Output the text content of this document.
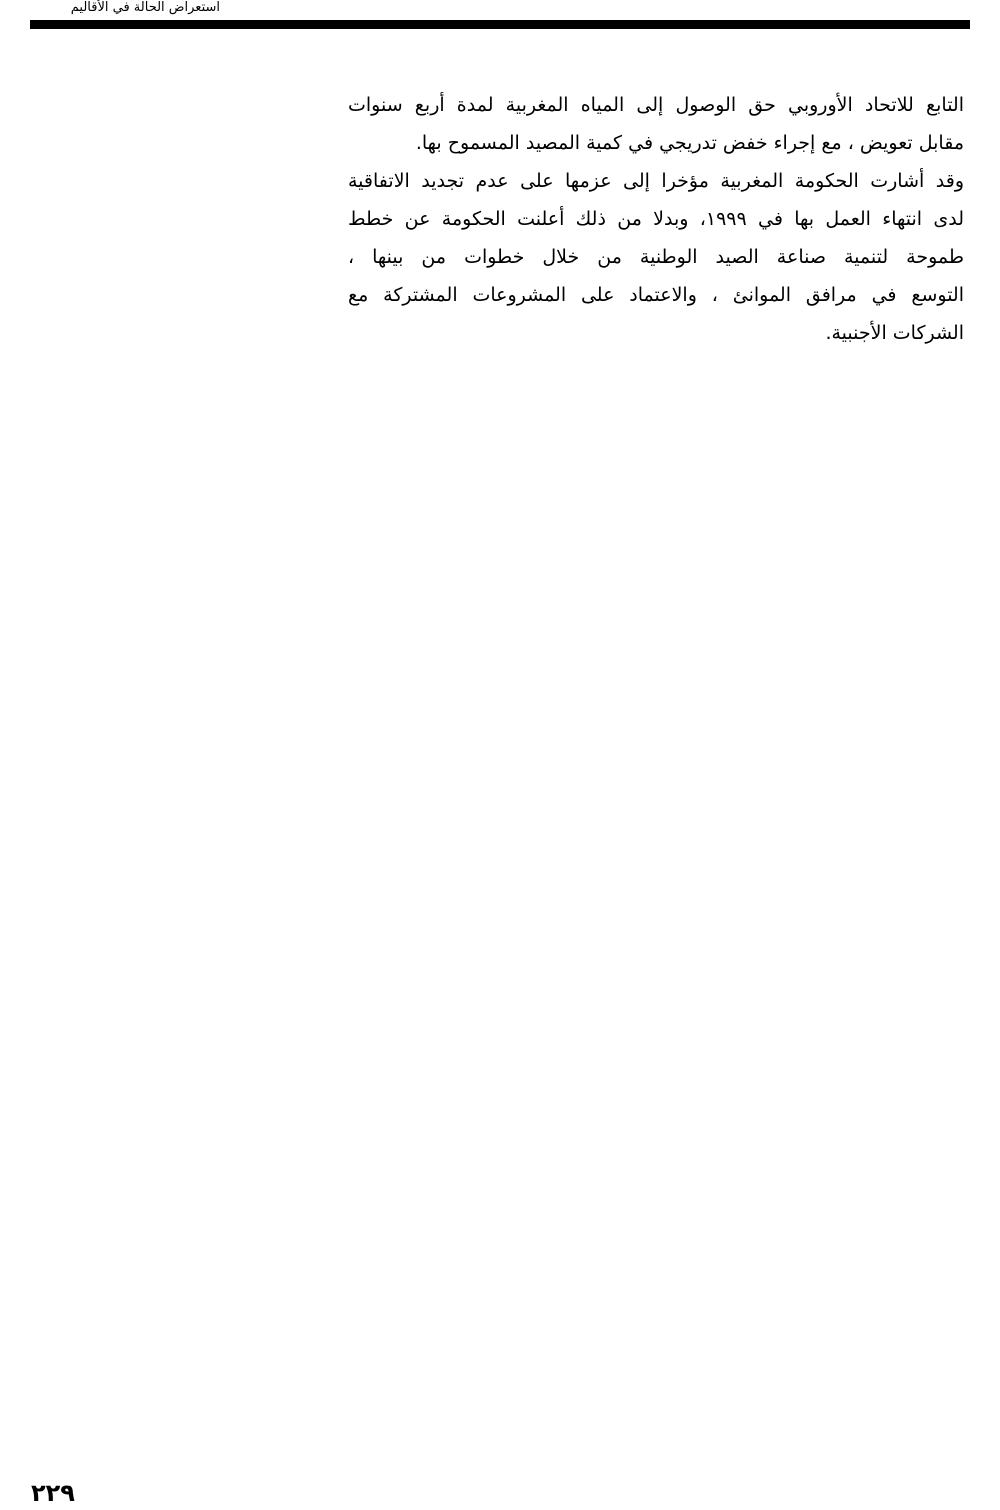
استعراض الحالة في الأقاليم
التابع للاتحاد الأوروبي حق الوصول إلى المياه المغربية لمدة أربع سنوات
مقابل تعويض ، مع إجراء خفض تدريجي في كمية المصيد المسموح بها.
وقد أشارت الحكومة المغربية مؤخرا إلى عزمها على عدم تجديد الاتفاقية
لدى انتهاء العمل بها في ١٩٩٩، وبدلا من ذلك أعلنت الحكومة عن خطط
طموحة لتنمية صناعة الصيد الوطنية من خلال خطوات من بينها ،
التوسع في مرافق الموانئ ، والاعتماد على المشروعات المشتركة مع
الشركات الأجنبية.
٢٢٩
